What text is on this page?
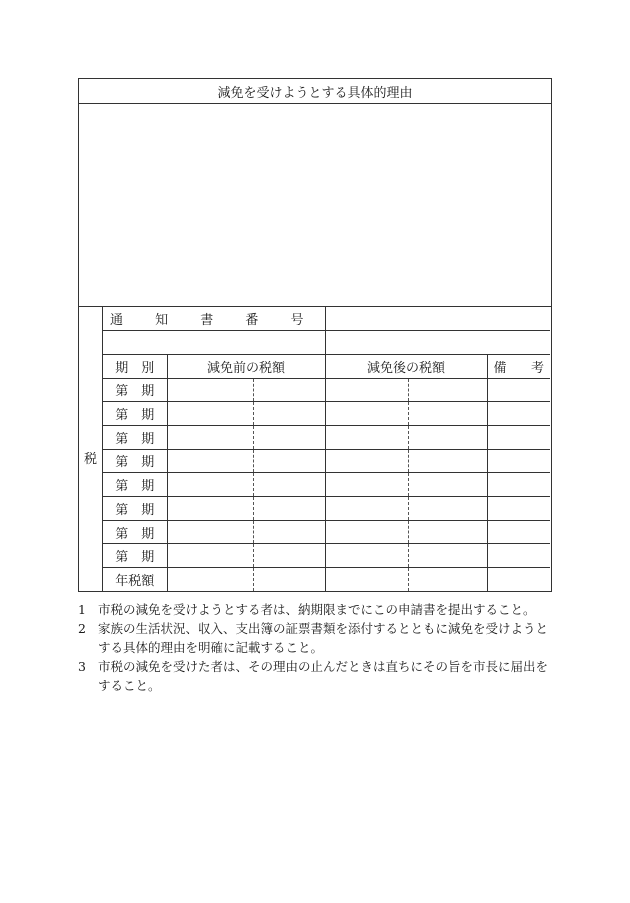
減免を受けようとする具体的理由
税
通 知 書 番 号					

期　別	減免前の税額		減免後の税額		備 考

第　期					
第　期					
第　期					
第　期					
第　期					
第　期					
第　期					
第　期					
年税額					
1 市税の減免を受けようとする者は、納期限までにこの申請書を提出すること。
2 家族の生活状況、収入、支出簿の証票書類を添付するとともに減免を受けようとする具体的理由を明確に記載すること。
3 市税の減免を受けた者は、その理由の止んだときは直ちにその旨を市長に届出をすること。
